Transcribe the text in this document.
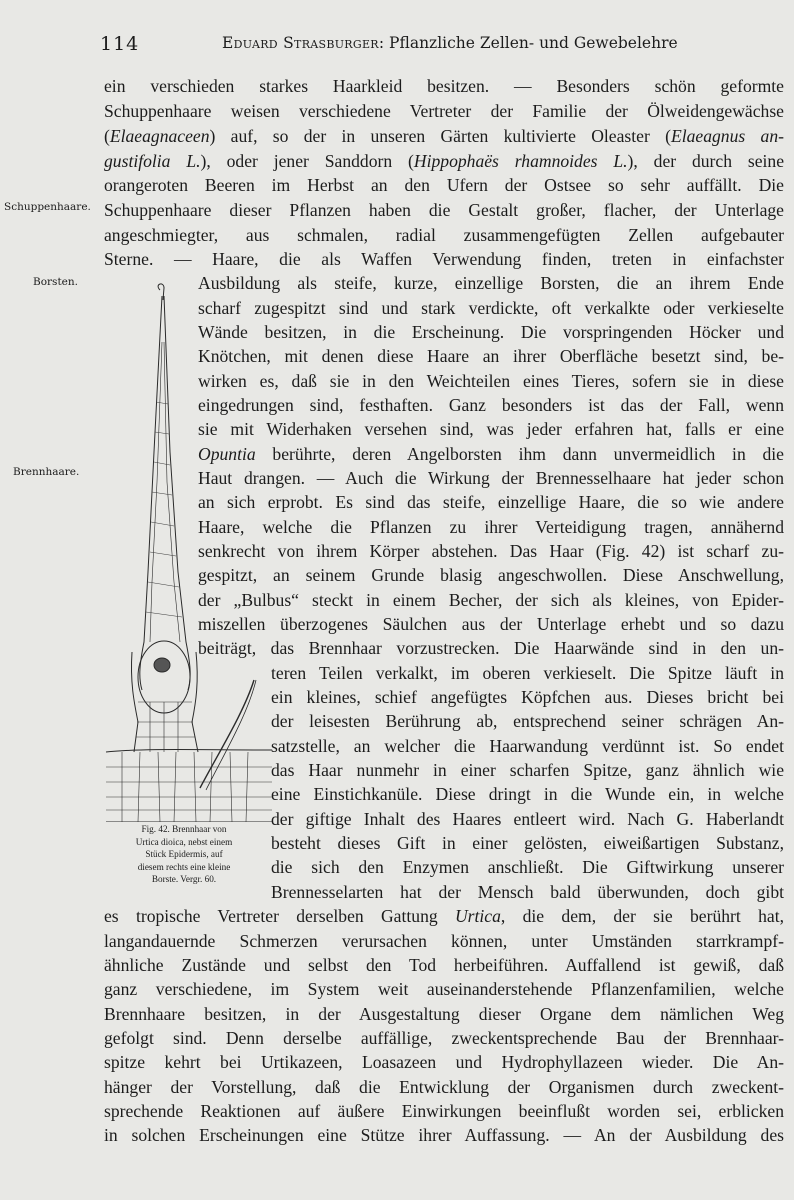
114	Eduard Strasburger: Pflanzliche Zellen- und Gewebelehre
Schuppenhaare.
Borsten.
Brennhaare.
ein verschieden starkes Haarkleid besitzen. — Besonders schön geformte
Schuppenhaare weisen verschiedene Vertreter der Familie der Ölweidengewächse
(Elaeagnaceen) auf, so der in unseren Gärten kultivierte Oleaster (Elaeagnus an-
gustifolia L.), oder jener Sanddorn (Hippophaës rhamnoides L.), der durch seine
orangeroten Beeren im Herbst an den Ufern der Ostsee so sehr auffällt. Die
Schuppenhaare dieser Pflanzen haben die Gestalt großer, flacher, der Unterlage
angeschmiegter, aus schmalen, radial zusammengefügten Zellen aufgebauter
Sterne. — Haare, die als Waffen Verwendung finden, treten in einfachster
Ausbildung als steife, kurze, einzellige Borsten, die an ihrem Ende
scharf zugespitzt sind und stark verdickte, oft verkalkte oder verkieselte
Wände besitzen, in die Erscheinung. Die vorspringenden Höcker und
Knötchen, mit denen diese Haare an ihrer Oberfläche besetzt sind, be-
wirken es, daß sie in den Weichteilen eines Tieres, sofern sie in diese
eingedrungen sind, festhaften. Ganz besonders ist das der Fall, wenn
sie mit Widerhaken versehen sind, was jeder erfahren hat, falls er eine
Opuntia berührte, deren Angelborsten ihm dann unvermeidlich in die
Haut drangen. — Auch die Wirkung der Brennesselhaare hat jeder schon
an sich erprobt. Es sind das steife, einzellige Haare, die so wie andere
Haare, welche die Pflanzen zu ihrer Verteidigung tragen, annähernd
senkrecht von ihrem Körper abstehen. Das Haar (Fig. 42) ist scharf zu-
gespitzt, an seinem Grunde blasig angeschwollen. Diese Anschwellung,
der „Bulbus“ steckt in einem Becher, der sich als kleines, von Epider-
miszellen überzogenes Säulchen aus der Unterlage erhebt und so dazu
beiträgt, das Brennhaar vorzustrecken. Die Haarwände sind in den un-
teren Teilen verkalkt, im oberen verkieselt. Die Spitze läuft in
ein kleines, schief angefügtes Köpfchen aus. Dieses bricht bei
der leisesten Berührung ab, entsprechend seiner schrägen An-
satzstelle, an welcher die Haarwandung verdünnt ist. So endet
das Haar nunmehr in einer scharfen Spitze, ganz ähnlich wie
eine Einstichkanüle. Diese dringt in die Wunde ein, in welche
der giftige Inhalt des Haares entleert wird. Nach G. Haberlandt
besteht dieses Gift in einer gelösten, eiweißartigen Substanz,
die sich den Enzymen anschließt. Die Giftwirkung unserer
Brennesselarten hat der Mensch bald überwunden, doch gibt
es tropische Vertreter derselben Gattung Urtica, die dem, der sie berührt hat,
langandauernde Schmerzen verursachen können, unter Umständen starrkrampf-
ähnliche Zustände und selbst den Tod herbeiführen. Auffallend ist gewiß, daß
ganz verschiedene, im System weit auseinanderstehende Pflanzenfamilien, welche
Brennhaare besitzen, in der Ausgestaltung dieser Organe dem nämlichen Weg
gefolgt sind. Denn derselbe auffällige, zweckentsprechende Bau der Brennhaar-
spitze kehrt bei Urtikazeen, Loasazeen und Hydrophyllazeen wieder. Die An-
hänger der Vorstellung, daß die Entwicklung der Organismen durch zweckent-
sprechende Reaktionen auf äußere Einwirkungen beeinflußt worden sei, erblicken
in solchen Erscheinungen eine Stütze ihrer Auffassung. — An der Ausbildung des
Fig. 42. Brennhaar von
Urtica dioica, nebst einem
Stück Epidermis, auf
diesem rechts eine kleine
Borste. Vergr. 60.
